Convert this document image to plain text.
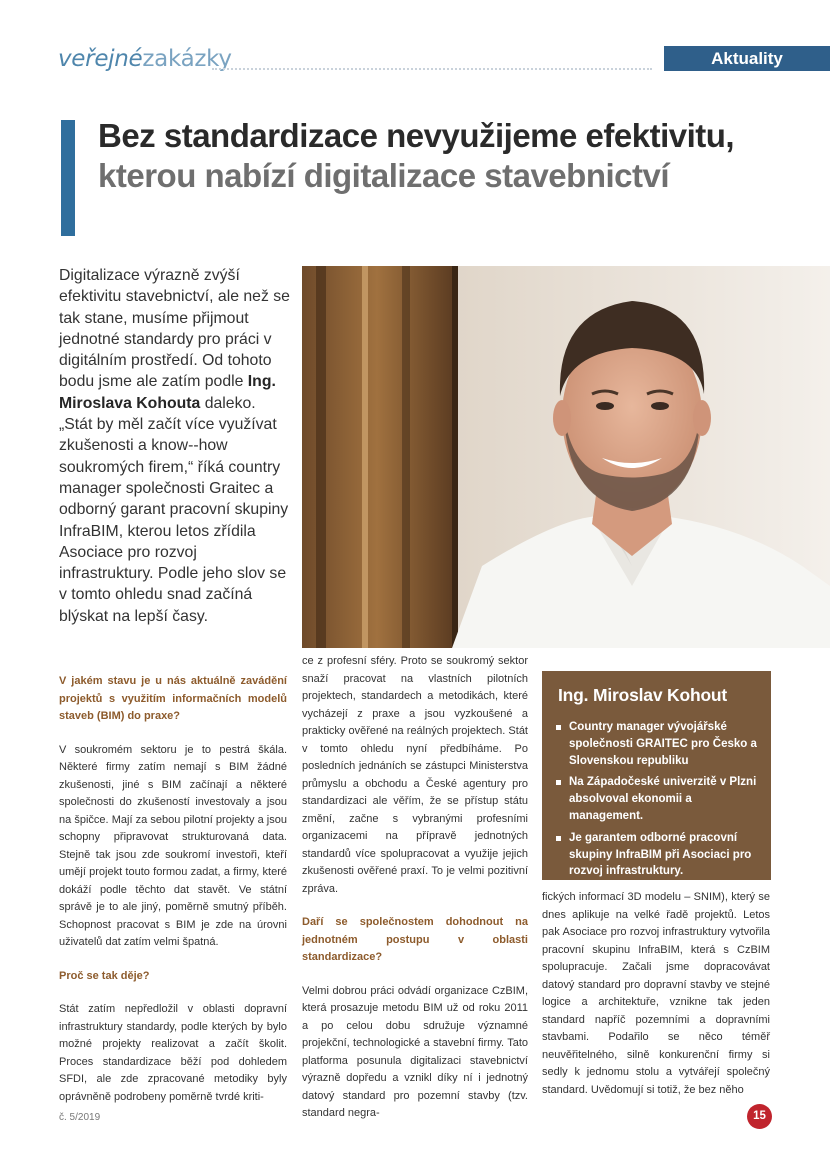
veřejnézakázky	Aktuality
Bez standardizace nevyužijeme efektivitu, kterou nabízí digitalizace stavebnictví

Digitalizace výrazně zvýší efektivitu stavebnictví, ale než se tak stane, musíme přijmout jednotné standardy pro práci v digitálním prostředí. Od tohoto bodu jsme ale zatím podle Ing. Miroslava Kohouta daleko. „Stát by měl začít více využívat zkušenosti a know--how soukromých firem,“ říká country manager společnosti Graitec a odborný garant pracovní skupiny InfraBIM, kterou letos zřídila Asociace pro rozvoj infrastruktury. Podle jeho slov se v tomto ohledu snad začíná blýskat na lepší časy.

V jakém stavu je u nás aktuálně zavádění projektů s využitím informačních modelů staveb (BIM) do praxe?

V soukromém sektoru je to pestrá škála. Některé firmy zatím nemají s BIM žádné zkušenosti, jiné s BIM začínají a některé společnosti do zkušeností investovaly a jsou na špičce. Mají za sebou pilotní projekty a jsou schopny připravovat strukturovaná data. Stejně tak jsou zde soukromí investoři, kteří umějí projekt touto formou zadat, a firmy, které dokáží podle těchto dat stavět. Ve státní správě je to ale jiný, poměrně smutný příběh. Schopnost pracovat s BIM je zde na úrovni uživatelů dat zatím velmi špatná.

Proč se tak děje?

Stát zatím nepředložil v oblasti dopravní infrastruktury standardy, podle kterých by bylo možné projekty realizovat a začít školit. Proces standardizace běží pod dohledem SFDI, ale zde zpracované metodiky byly oprávněně podrobeny poměrně tvrdé kriti-

ce z profesní sféry. Proto se soukromý sektor snaží pracovat na vlastních pilotních projektech, standardech a metodikách, které vycházejí z praxe a jsou vyzkoušené a prakticky ověřené na reálných projektech. Stát v tomto ohledu nyní předbíháme. Po posledních jednáních se zástupci Ministerstva průmyslu a obchodu a České agentury pro standardizaci ale věřím, že se přístup státu změní, začne s vybranými profesními organizacemi na přípravě jednotných standardů více spolupracovat a využije jejich zkušenosti ověřené praxí. To je velmi pozitivní zpráva.

Daří se společnostem dohodnout na jednotném postupu v oblasti standardizace?

Velmi dobrou práci odvádí organizace CzBIM, která prosazuje metodu BIM už od roku 2011 a po celou dobu sdružuje významné projekční, technologické a stavební firmy. Tato platforma posunula digitalizaci stavebnictví výrazně dopředu a vznikl díky ní i jednotný datový standard pro pozemní stavby (tzv. standard negra-

Ing. Miroslav Kohout
Country manager vývojářské společnosti GRAITEC pro Česko a Slovenskou republiku
Na Západočeské univerzitě v Plzni absolvoval ekonomii a management.
Je garantem odborné pracovní skupiny InfraBIM při Asociaci pro rozvoj infrastruktury.

fických informací 3D modelu – SNIM), který se dnes aplikuje na velké řadě projektů. Letos pak Asociace pro rozvoj infrastruktury vytvořila pracovní skupinu InfraBIM, která s CzBIM spolupracuje. Začali jsme dopracovávat datový standard pro dopravní stavby ve stejné logice a architektuře, vznikne tak jeden standard napříč pozemními a dopravními stavbami. Podařilo se něco téměř neuvěřitelného, silně konkurenční firmy si sedly k jednomu stolu a vytvářejí společný standard. Uvědomují si totiž, že bez něho

č. 5/2019	15
